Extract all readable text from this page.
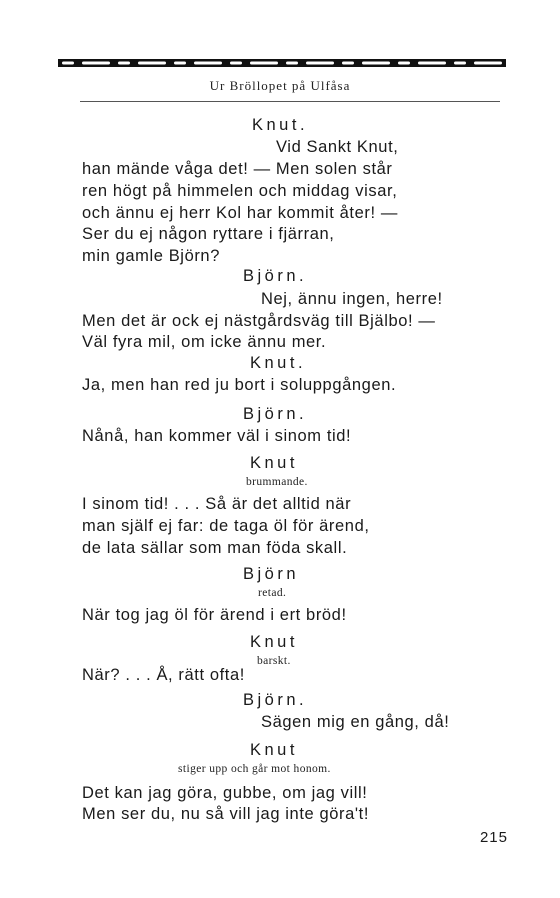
Ur Bröllopet på Ulfåsa
Knut.
Vid Sankt Knut,
han mände våga det! — Men solen står
ren högt på himmelen och middag visar,
och ännu ej herr Kol har kommit åter! —
Ser du ej någon ryttare i fjärran,
min gamle Björn?
Björn.
Nej, ännu ingen, herre!
Men det är ock ej nästgårdsväg till Bjälbo! —
Väl fyra mil, om icke ännu mer.
Knut.
Ja, men han red ju bort i soluppgången.
Björn.
Nånå, han kommer väl i sinom tid!
Knut
brummande.
I sinom tid! . . . Så är det alltid när
man själf ej far: de taga öl för ärend,
de lata sällar som man föda skall.
Björn
retad.
När tog jag öl för ärend i ert bröd!
Knut
barskt.
När? . . . Å, rätt ofta!
Björn.
Sägen mig en gång, då!
Knut
stiger upp och går mot honom.
Det kan jag göra, gubbe, om jag vill!
Men ser du, nu så vill jag inte göra't!
215
